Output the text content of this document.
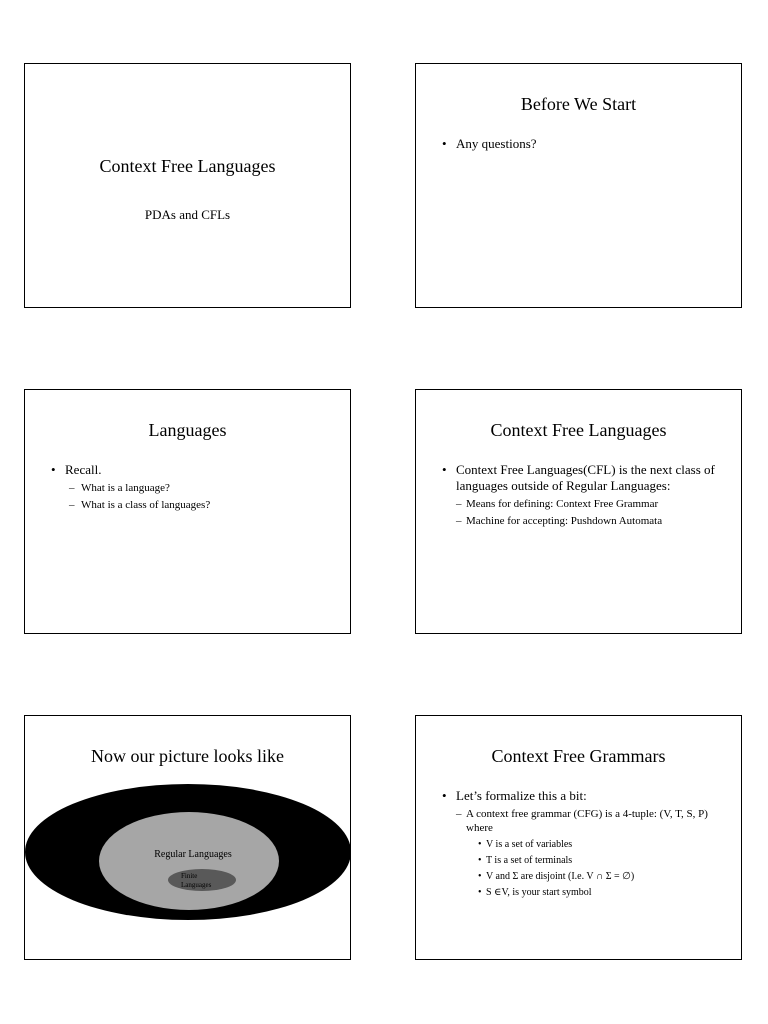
Context Free Languages
PDAs and CFLs
Before We Start
• Any questions?
Languages
• Recall.
– What is a language?
– What is a class of languages?
Context Free Languages
• Context Free Languages(CFL) is the next class of languages outside of Regular Languages:
– Means for defining: Context Free Grammar
– Machine for accepting: Pushdown Automata
Now our picture looks like
Regular Languages
Finite
Languages
Context Free Grammars
• Let’s formalize this a bit:
– A context free grammar (CFG) is a 4-tuple: (V, T, S, P) where
• V is a set of variables
• T is a set of terminals
• V and Σ are disjoint (I.e. V ∩ Σ = ∅)
• S ∈V, is your start symbol
